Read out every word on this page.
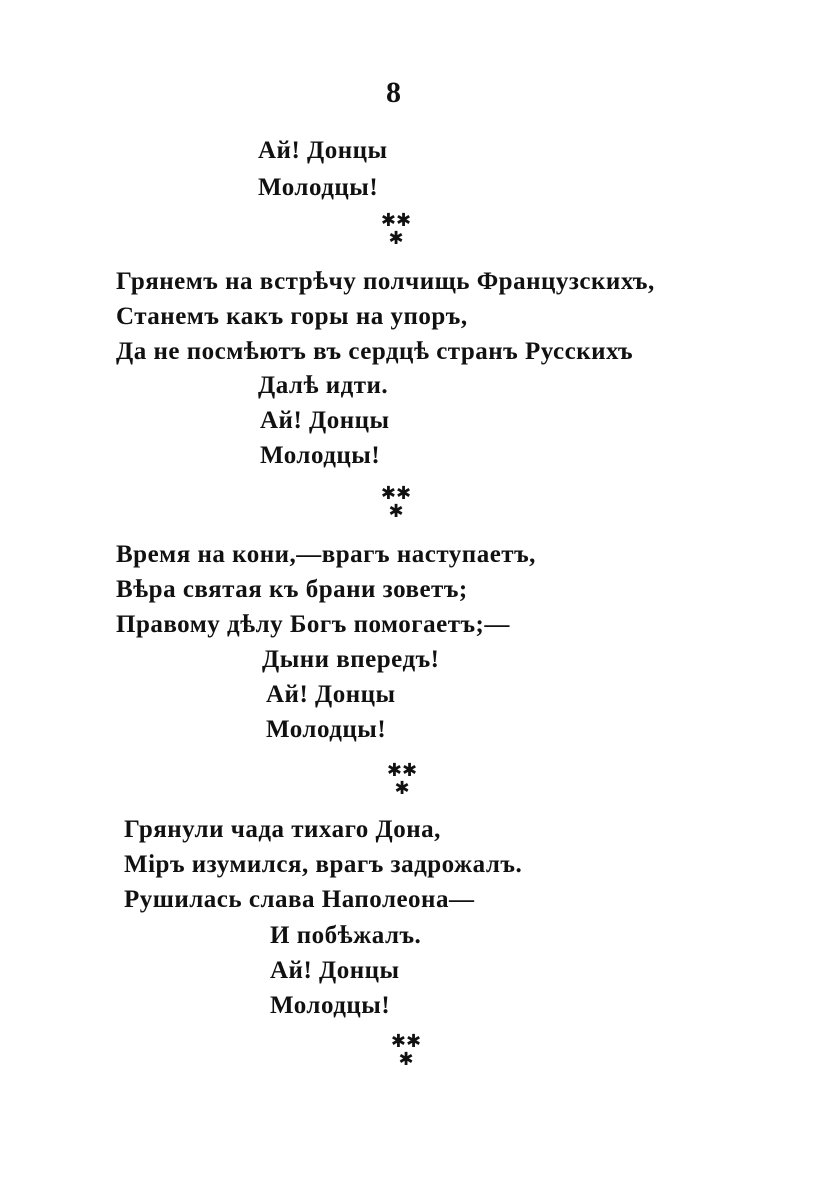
8
Ай! Донцы
Молодцы!
✱✱
✱
Грянемъ на встрѣчу полчищь Французскихъ,
Станемъ какъ горы на упоръ,
Да не посмѣютъ въ сердцѣ странъ Русскихъ
Далѣ идти.
Ай! Донцы
Молодцы!
✱✱
✱
Время на кони,—врагъ наступаетъ,
Вѣра святая къ брани зоветъ;
Правому дѣлу Богъ помогаетъ;—
Дыни впередъ!
Ай! Донцы
Молодцы!
✱✱
✱
Грянули чада тихаго Дона,
Міръ изумился, врагъ задрожалъ.
Рушилась слава Наполеона—
И побѣжалъ.
Ай! Донцы
Молодцы!
✱✱
✱
